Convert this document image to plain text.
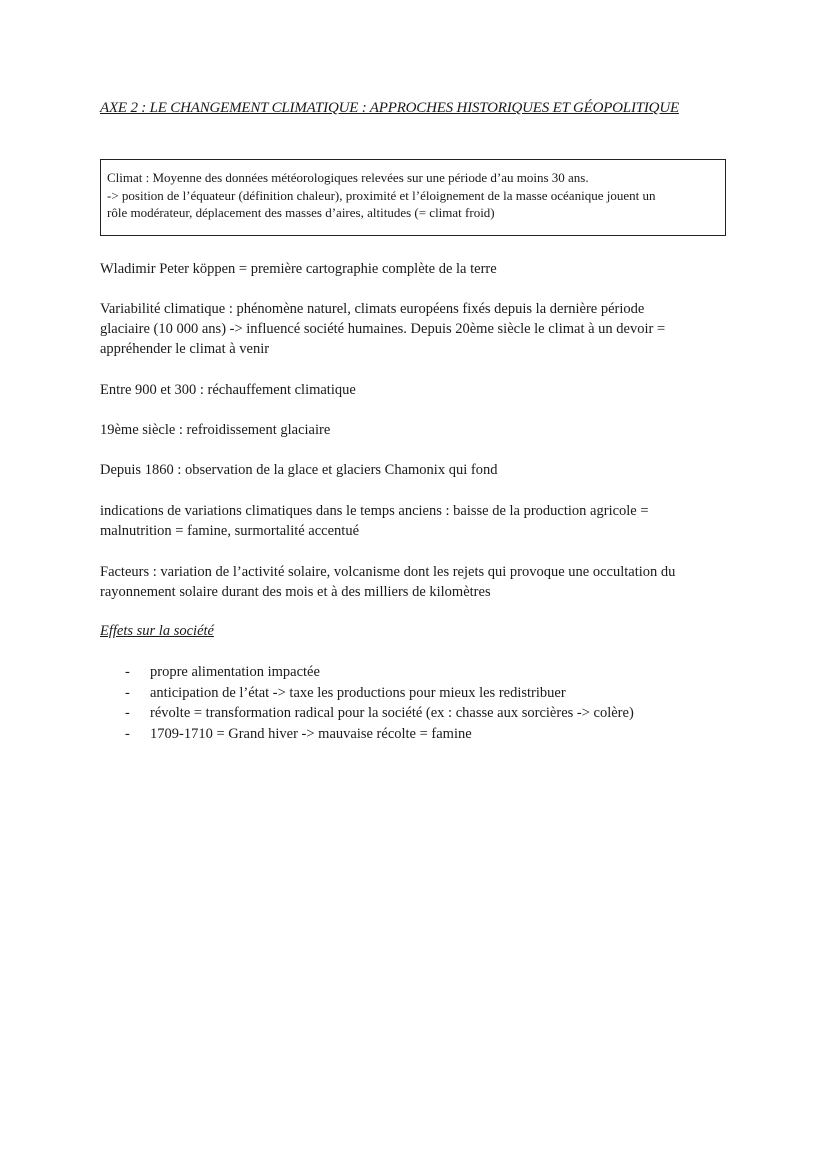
AXE 2 : LE CHANGEMENT CLIMATIQUE : APPROCHES HISTORIQUES ET GÉOPOLITIQUE
Climat : Moyenne des données météorologiques relevées sur une période d’au moins 30 ans.
-> position de l’équateur (définition chaleur), proximité et l’éloignement de la masse océanique jouent un
rôle modérateur, déplacement des masses d’aires, altitudes (= climat froid)
Wladimir Peter köppen = première cartographie complète de la terre
Variabilité climatique : phénomène naturel, climats européens fixés depuis la dernière période
glaciaire (10 000 ans) -> influencé société humaines. Depuis 20ème siècle le climat à un devoir =
appréhender le climat à venir
Entre 900 et 300 : réchauffement climatique
19ème siècle : refroidissement glaciaire
Depuis 1860 : observation de la glace et glaciers Chamonix qui fond
indications de variations climatiques dans le temps anciens : baisse de la production agricole =
malnutrition = famine, surmortalité accentué
Facteurs : variation de l’activité solaire, volcanisme dont les rejets qui provoque une occultation du
rayonnement solaire durant des mois et à des milliers de kilomètres
Effets sur la société
- propre alimentation impactée
- anticipation de l’état -> taxe les productions pour mieux les redistribuer
- révolte = transformation radical pour la société (ex : chasse aux sorcières -> colère)
- 1709-1710 = Grand hiver -> mauvaise récolte = famine
